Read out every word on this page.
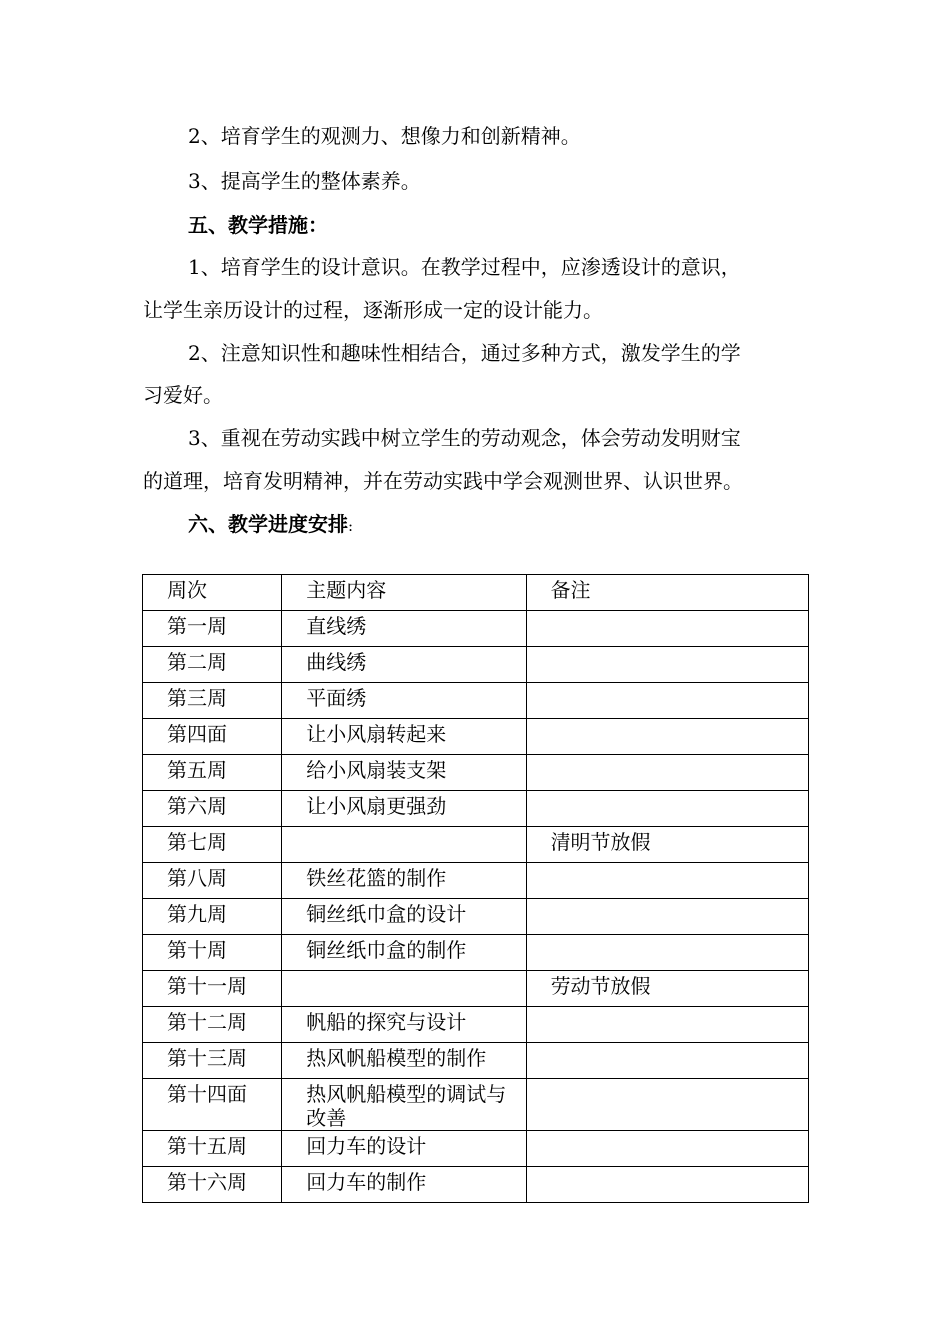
2、培育学生的观测力、想像力和创新精神。
3、提高学生的整体素养。
五、教学措施：
1、培育学生的设计意识。在教学过程中，应渗透设计的意识，
让学生亲历设计的过程，逐渐形成一定的设计能力。
2、注意知识性和趣味性相结合，通过多种方式，激发学生的学
习爱好。
3、重视在劳动实践中树立学生的劳动观念，体会劳动发明财宝
的道理，培育发明精神，并在劳动实践中学会观测世界、认识世界。
六、教学进度安排:
周次	主题内容	备注

第一周	直线绣	

第二周	曲线绣	

第三周	平面绣	

第四面	让小风扇转起来	

第五周	给小风扇装支架	

第六周	让小风扇更强劲	

第七周		清明节放假

第八周	铁丝花篮的制作	

第九周	铜丝纸巾盒的设计	

第十周	铜丝纸巾盒的制作	

第十一周		劳动节放假

第十二周	帆船的探究与设计	

第十三周	热风帆船模型的制作	

第十四面	热风帆船模型的调试与改善	

第十五周	回力车的设计	

第十六周	回力车的制作	
